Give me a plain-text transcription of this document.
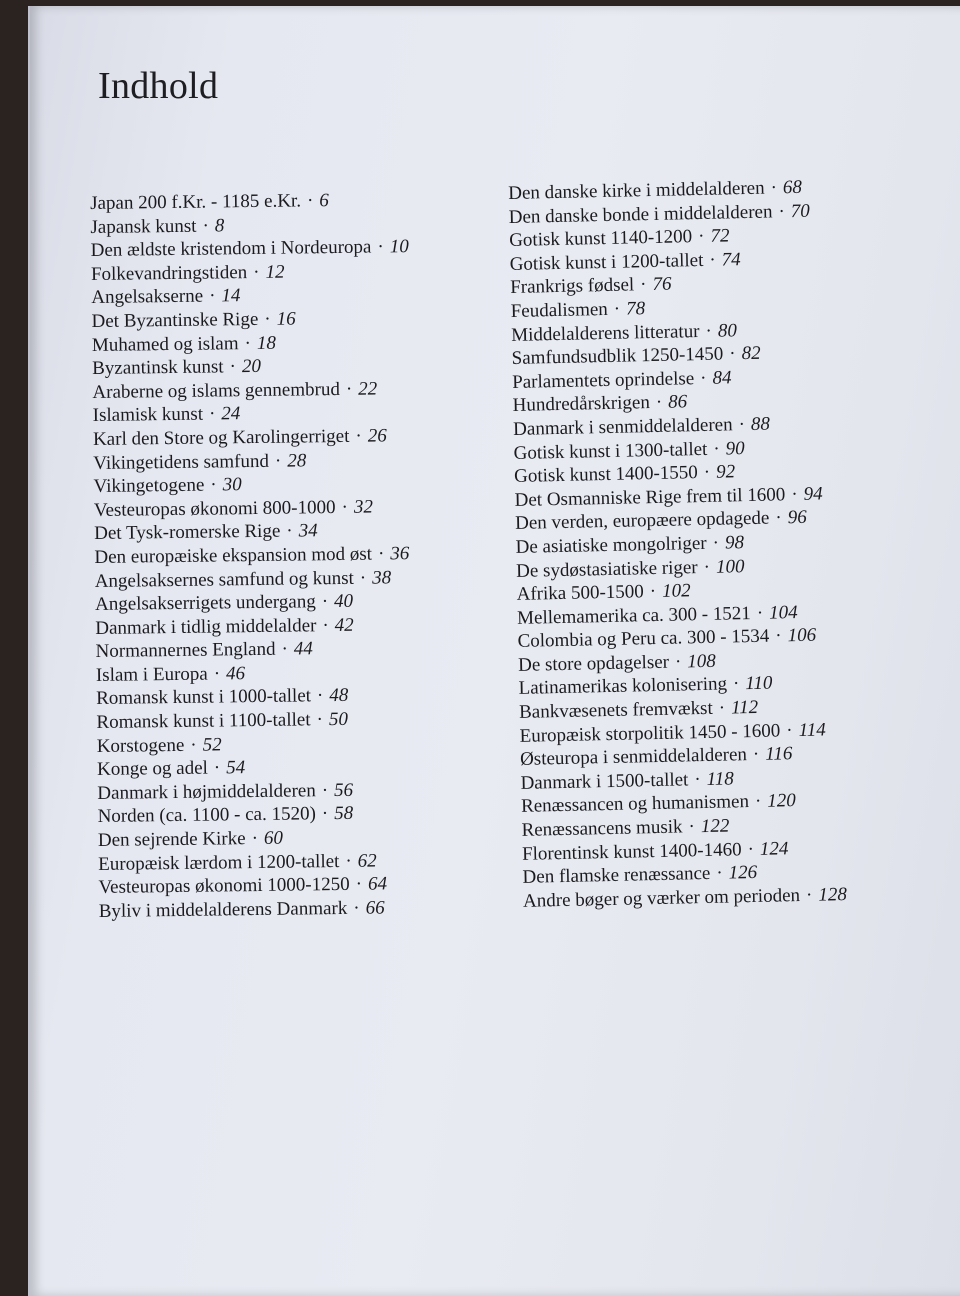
Indhold
Japan 200 f.Kr. - 1185 e.Kr. · 6
Japansk kunst · 8
Den ældste kristendom i Nordeuropa · 10
Folkevandringstiden · 12
Angelsakserne · 14
Det Byzantinske Rige · 16
Muhamed og islam · 18
Byzantinsk kunst · 20
Araberne og islams gennembrud · 22
Islamisk kunst · 24
Karl den Store og Karolingerriget · 26
Vikingetidens samfund · 28
Vikingetogene · 30
Vesteuropas økonomi 800-1000 · 32
Det Tysk-romerske Rige · 34
Den europæiske ekspansion mod øst · 36
Angelsaksernes samfund og kunst · 38
Angelsakserrigets undergang · 40
Danmark i tidlig middelalder · 42
Normannernes England · 44
Islam i Europa · 46
Romansk kunst i 1000-tallet · 48
Romansk kunst i 1100-tallet · 50
Korstogene · 52
Konge og adel · 54
Danmark i højmiddelalderen · 56
Norden (ca. 1100 - ca. 1520) · 58
Den sejrende Kirke · 60
Europæisk lærdom i 1200-tallet · 62
Vesteuropas økonomi 1000-1250 · 64
Byliv i middelalderens Danmark · 66
Den danske kirke i middelalderen · 68
Den danske bonde i middelalderen · 70
Gotisk kunst 1140-1200 · 72
Gotisk kunst i 1200-tallet · 74
Frankrigs fødsel · 76
Feudalismen · 78
Middelalderens litteratur · 80
Samfundsudblik 1250-1450 · 82
Parlamentets oprindelse · 84
Hundredårskrigen · 86
Danmark i senmiddelalderen · 88
Gotisk kunst i 1300-tallet · 90
Gotisk kunst 1400-1550 · 92
Det Osmanniske Rige frem til 1600 · 94
Den verden, europæere opdagede · 96
De asiatiske mongolriger · 98
De sydøstasiatiske riger · 100
Afrika 500-1500 · 102
Mellemamerika ca. 300 - 1521 · 104
Colombia og Peru ca. 300 - 1534 · 106
De store opdagelser · 108
Latinamerikas kolonisering · 110
Bankvæsenets fremvækst · 112
Europæisk storpolitik 1450 - 1600 · 114
Østeuropa i senmiddelalderen · 116
Danmark i 1500-tallet · 118
Renæssancen og humanismen · 120
Renæssancens musik · 122
Florentinsk kunst 1400-1460 · 124
Den flamske renæssance · 126
Andre bøger og værker om perioden · 128
